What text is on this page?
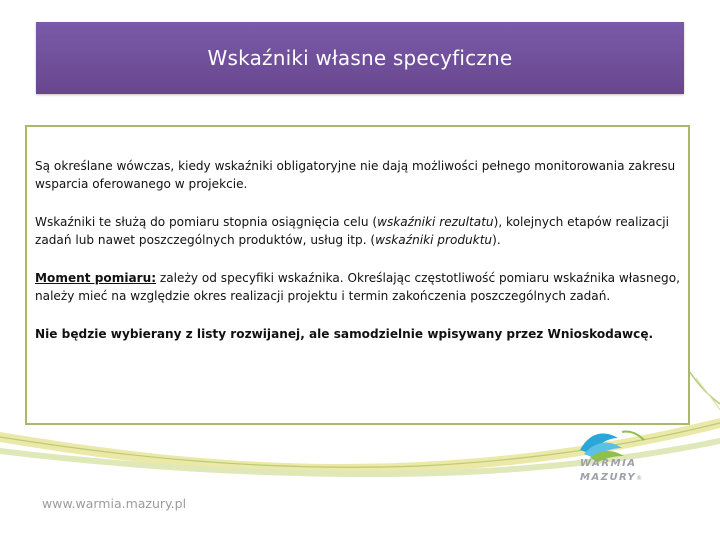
Wskaźniki własne specyficzne
WARMIA
MAZURY®

Są określane wówczas, kiedy wskaźniki obligatoryjne nie dają możliwości pełnego monitorowania zakresu wsparcia oferowanego w projekcie.

Wskaźniki te służą do pomiaru stopnia osiągnięcia celu (wskaźniki rezultatu), kolejnych etapów realizacji zadań lub nawet poszczególnych produktów, usług itp. (wskaźniki produktu).

Moment pomiaru: zależy od specyfiki wskaźnika. Określając częstotliwość pomiaru wskaźnika własnego, należy mieć na względzie okres realizacji projektu i termin zakończenia poszczególnych zadań.

Nie będzie wybierany z listy rozwijanej, ale samodzielnie wpisywany przez Wnioskodawcę.

www.warmia.mazury.pl
